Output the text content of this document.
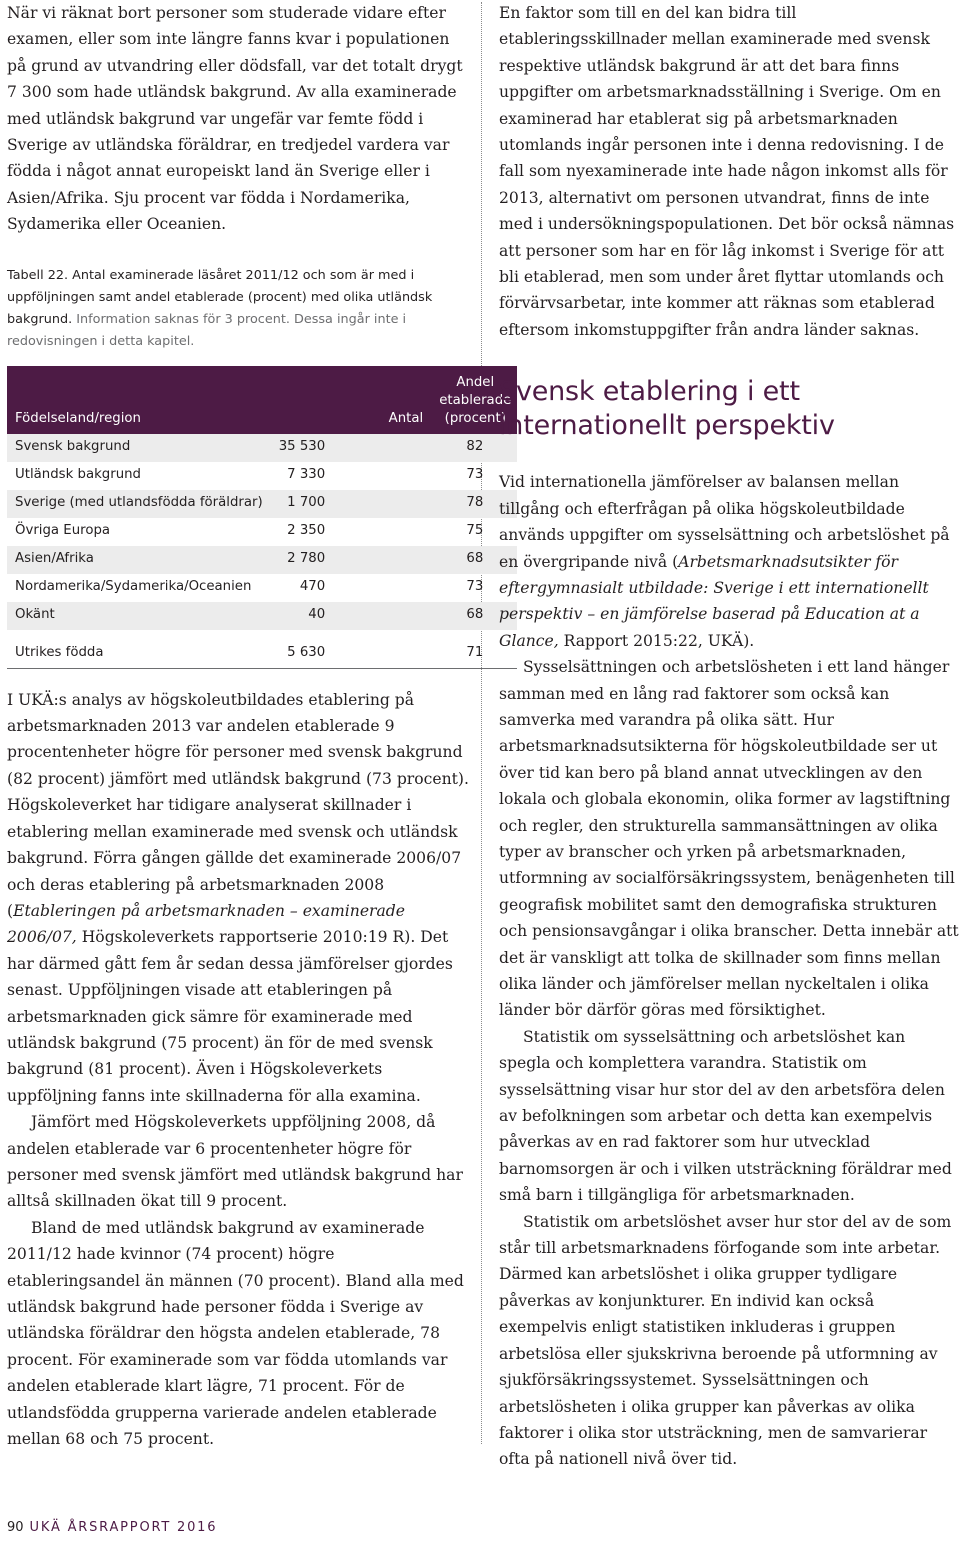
När vi räknat bort personer som studerade vidare efter examen, eller som inte längre fanns kvar i populationen på grund av utvandring eller dödsfall, var det totalt drygt 7 300 som hade utländsk bakgrund. Av alla examinerade med utländsk bakgrund var ungefär var femte född i Sverige av utländska föräldrar, en tredjedel vardera var födda i något annat europeiskt land än Sverige eller i Asien/Afrika. Sju procent var födda i Nordamerika, Sydamerika eller Oceanien.

Tabell 22. Antal examinerade läsåret 2011/12 och som är med i uppföljningen samt andel etablerade (procent) med olika utländsk bakgrund. Information saknas för 3 procent. Dessa ingår inte i redovisningen i detta kapitel.
Födelseland/region	Antal	Andel etablerade (procent)
Svensk bakgrund	35 530	82
Utländsk bakgrund	7 330	73
Sverige (med utlandsfödda föräldrar)	1 700	78
Övriga Europa	2 350	75
Asien/Afrika	2 780	68
Nordamerika/Sydamerika/Oceanien	470	73
Okänt	40	68

Utrikes födda	5 630	71

I UKÄ:s analys av högskoleutbildades etablering på arbetsmarknaden 2013 var andelen etablerade 9 procentenheter högre för personer med svensk bakgrund (82 procent) jämfört med utländsk bakgrund (73 procent). Högskoleverket har tidigare analyserat skillnader i etablering mellan examinerade med svensk och utländsk bakgrund. Förra gången gällde det examinerade 2006/07 och deras etablering på arbetsmarknaden 2008 (Etableringen på arbetsmarknaden – examinerade 2006/07, Högskoleverkets rapportserie 2010:19 R). Det har därmed gått fem år sedan dessa jämförelser gjordes senast. Uppföljningen visade att etableringen på arbetsmarknaden gick sämre för examinerade med utländsk bakgrund (75 procent) än för de med svensk bakgrund (81 procent). Även i Högskoleverkets uppföljning fanns inte skillnaderna för alla examina.

Jämfört med Högskoleverkets uppföljning 2008, då andelen etablerade var 6 procentenheter högre för personer med svensk jämfört med utländsk bakgrund har alltså skillnaden ökat till 9 procent.

Bland de med utländsk bakgrund av examinerade 2011/12 hade kvinnor (74 procent) högre etableringsandel än männen (70 procent). Bland alla med utländsk bakgrund hade personer födda i Sverige av utländska föräldrar den högsta andelen etablerade, 78 procent. För examinerade som var födda utomlands var andelen etablerade klart lägre, 71 procent. För de utlandsfödda grupperna varierade andelen etablerade mellan 68 och 75 procent.

En faktor som till en del kan bidra till etableringsskillnader mellan examinerade med svensk respektive utländsk bakgrund är att det bara finns uppgifter om arbetsmarknadsställning i Sverige. Om en examinerad har etablerat sig på arbetsmarknaden utomlands ingår personen inte i denna redovisning. I de fall som nyexaminerade inte hade någon inkomst alls för 2013, alternativt om personen utvandrat, finns de inte med i undersökningspopulationen. Det bör också nämnas att personer som har en för låg inkomst i Sverige för att bli etablerad, men som under året flyttar utomlands och förvärvsarbetar, inte kommer att räknas som etablerad eftersom inkomstuppgifter från andra länder saknas.

Svensk etablering i ett internationellt perspektiv

Vid internationella jämförelser av balansen mellan tillgång och efterfrågan på olika högskoleutbildade används uppgifter om sysselsättning och arbetslöshet på en övergripande nivå (Arbetsmarknadsutsikter för eftergymnasialt utbildade: Sverige i ett internationellt perspektiv – en jämförelse baserad på Education at a Glance, Rapport 2015:22, UKÄ).

Sysselsättningen och arbetslösheten i ett land hänger samman med en lång rad faktorer som också kan samverka med varandra på olika sätt. Hur arbetsmarknadsutsikterna för högskoleutbildade ser ut över tid kan bero på bland annat utvecklingen av den lokala och globala ekonomin, olika former av lagstiftning och regler, den strukturella sammansättningen av olika typer av branscher och yrken på arbetsmarknaden, utformning av socialförsäkringssystem, benägenheten till geografisk mobilitet samt den demografiska strukturen och pensionsavgångar i olika branscher. Detta innebär att det är vanskligt att tolka de skillnader som finns mellan olika länder och jämförelser mellan nyckeltalen i olika länder bör därför göras med försiktighet.

Statistik om sysselsättning och arbetslöshet kan spegla och komplettera varandra. Statistik om sysselsättning visar hur stor del av den arbetsföra delen av befolkningen som arbetar och detta kan exempelvis påverkas av en rad faktorer som hur utvecklad barnomsorgen är och i vilken utsträckning föräldrar med små barn i tillgängliga för arbetsmarknaden.

Statistik om arbetslöshet avser hur stor del av de som står till arbetsmarknadens förfogande som inte arbetar. Därmed kan arbetslöshet i olika grupper tydligare påverkas av konjunkturer. En individ kan också exempelvis enligt statistiken inkluderas i gruppen arbetslösa eller sjukskrivna beroende på utformning av sjukförsäkringssystemet. Sysselsättningen och arbetslösheten i olika grupper kan påverkas av olika faktorer i olika stor utsträckning, men de samvarierar ofta på nationell nivå över tid.

90 UKÄ ÅRSRAPPORT 2016
